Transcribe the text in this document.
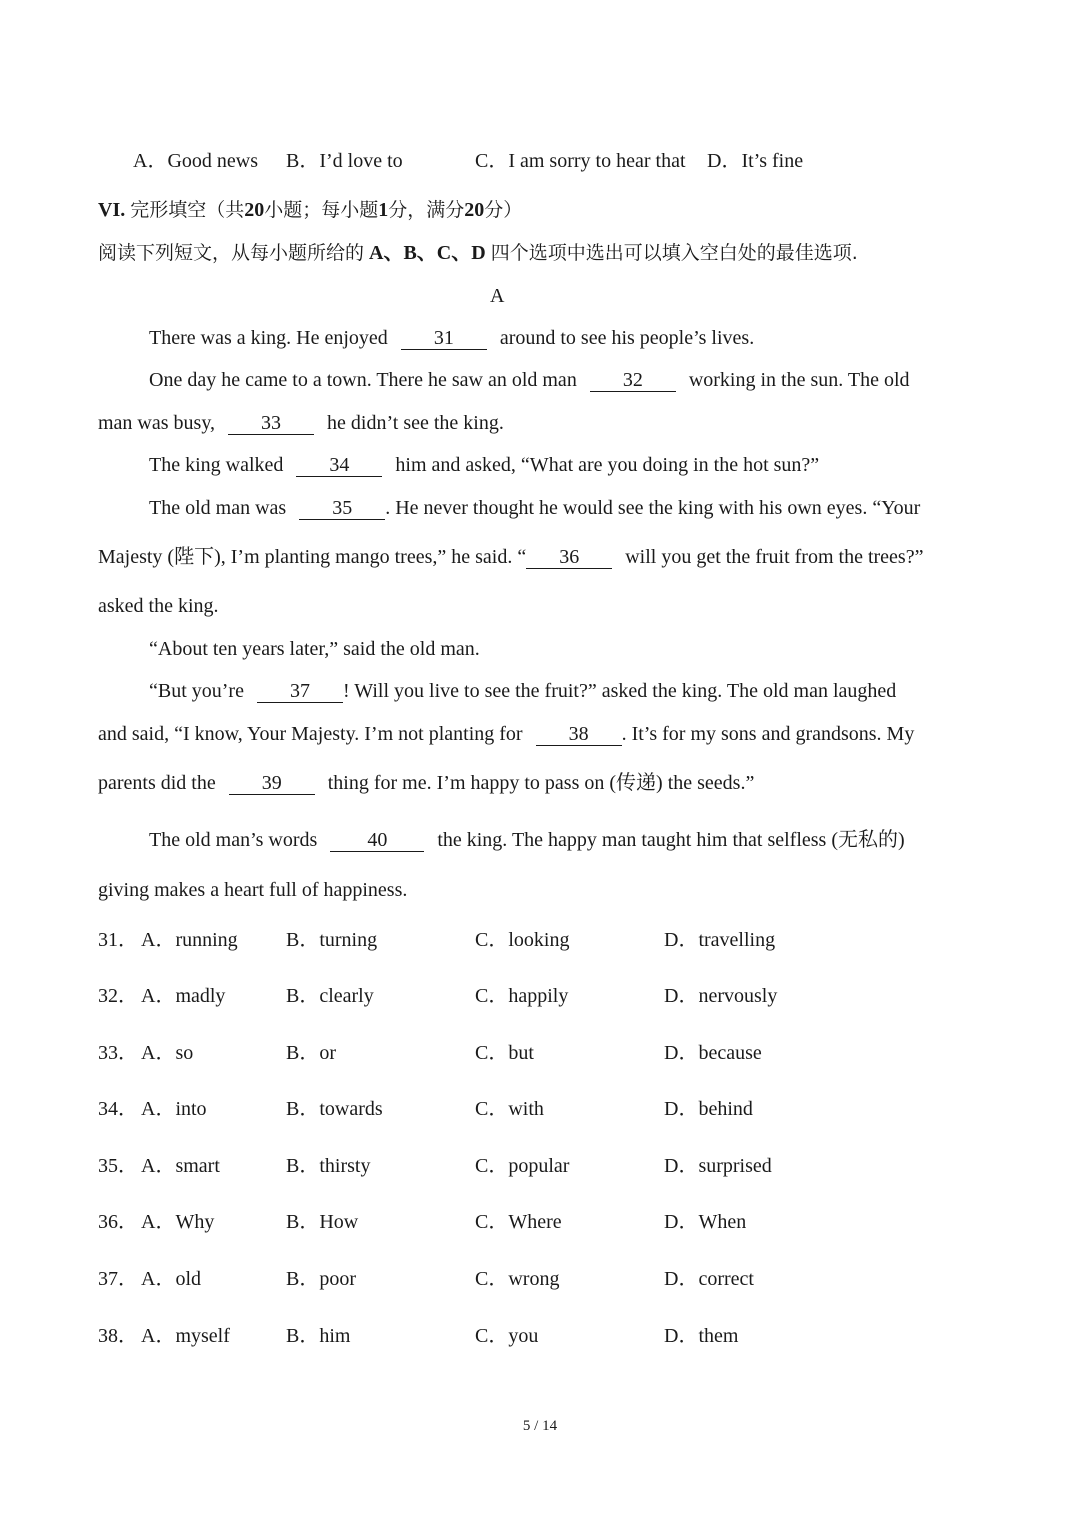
A．Good news B．I’d love to	C．I am sorry to hear that D．It’s fine
VI. 完形填空（共20小题；每小题1分，满分20分）
阅读下列短文，从每小题所给的 A、B、C、D 四个选项中选出可以填入空白处的最佳选项.
A
There was a king. He enjoyed 31 around to see his people’s lives.
One day he came to a town. There he saw an old man 32 working in the sun. The old
man was busy, 33 he didn’t see the king.
The king walked 34 him and asked, “What are you doing in the hot sun?”
The old man was 35 . He never thought he would see the king with his own eyes. “Your
Majesty (陛下), I’m planting mango trees,” he said. “ 36 will you get the fruit from the trees?”
asked the king.
“About ten years later,” said the old man.
“But you’re 37 ! Will you live to see the fruit?” asked the king. The old man laughed
and said, “I know, Your Majesty. I’m not planting for 38 . It’s for my sons and grandsons. My
parents did the 39 thing for me. I’m happy to pass on (传递) the seeds.”
The old man’s words	40	the king. The happy man taught him that selfless (无私的)
giving makes a heart full of happiness.
31． A．running B．turning	C．looking	D．travelling
32． A．madly	B．clearly	C．happily	D．nervously
33． A．so	B．or	C．but	D．because
34． A．into	B．towards	C．with	D．behind
35． A．smart	B．thirsty	C．popular	D．surprised
36． A．Why	B．How	C．Where	D．When
37． A．old	B．poor	C．wrong	D．correct
38． A．myself	B．him	C．you	D．them
5 / 14
